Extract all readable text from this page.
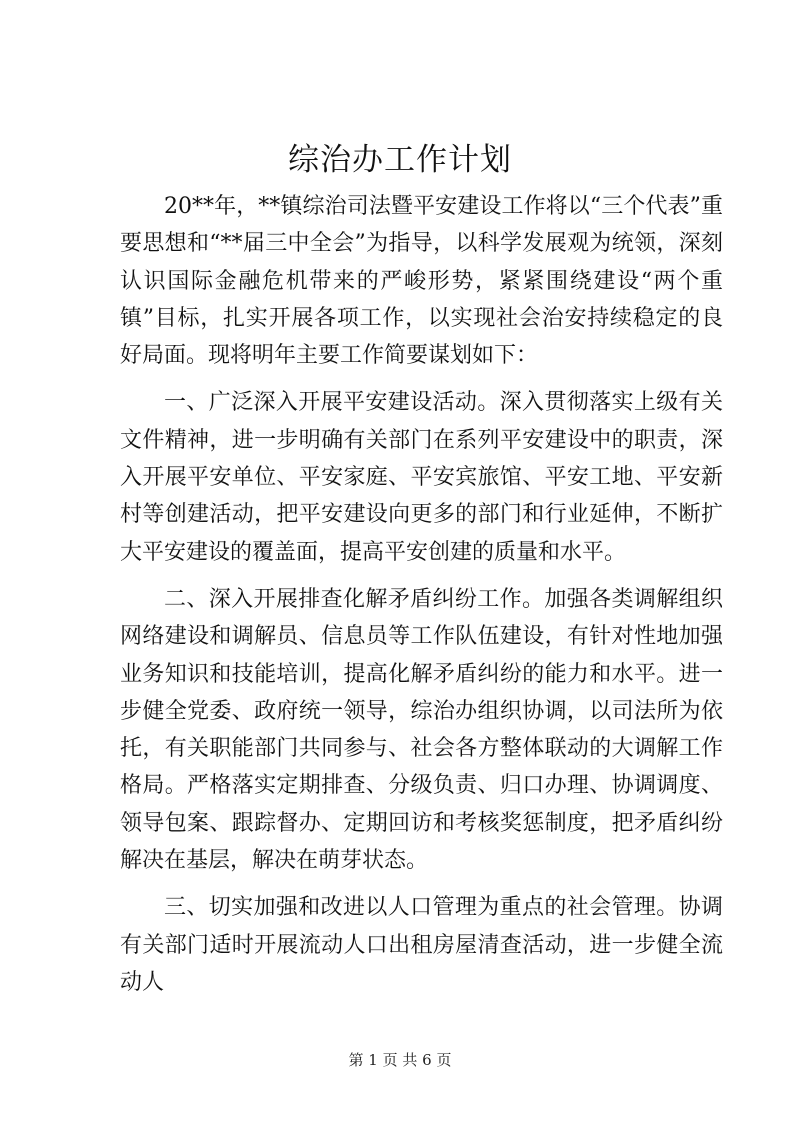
综治办工作计划

20**年，**镇综治司法暨平安建设工作将以“三个代表”重要思想和“**届三中全会”为指导，以科学发展观为统领，深刻认识国际金融危机带来的严峻形势，紧紧围绕建设“两个重镇”目标，扎实开展各项工作，以实现社会治安持续稳定的良好局面。现将明年主要工作简要谋划如下：

一、广泛深入开展平安建设活动。深入贯彻落实上级有关文件精神，进一步明确有关部门在系列平安建设中的职责，深入开展平安单位、平安家庭、平安宾旅馆、平安工地、平安新村等创建活动，把平安建设向更多的部门和行业延伸，不断扩大平安建设的覆盖面，提高平安创建的质量和水平。

二、深入开展排查化解矛盾纠纷工作。加强各类调解组织网络建设和调解员、信息员等工作队伍建设，有针对性地加强业务知识和技能培训，提高化解矛盾纠纷的能力和水平。进一步健全党委、政府统一领导，综治办组织协调，以司法所为依托，有关职能部门共同参与、社会各方整体联动的大调解工作格局。严格落实定期排查、分级负责、归口办理、协调调度、领导包案、跟踪督办、定期回访和考核奖惩制度，把矛盾纠纷解决在基层，解决在萌芽状态。

三、切实加强和改进以人口管理为重点的社会管理。协调有关部门适时开展流动人口出租房屋清查活动，进一步健全流动人

第 1 页 共 6 页
